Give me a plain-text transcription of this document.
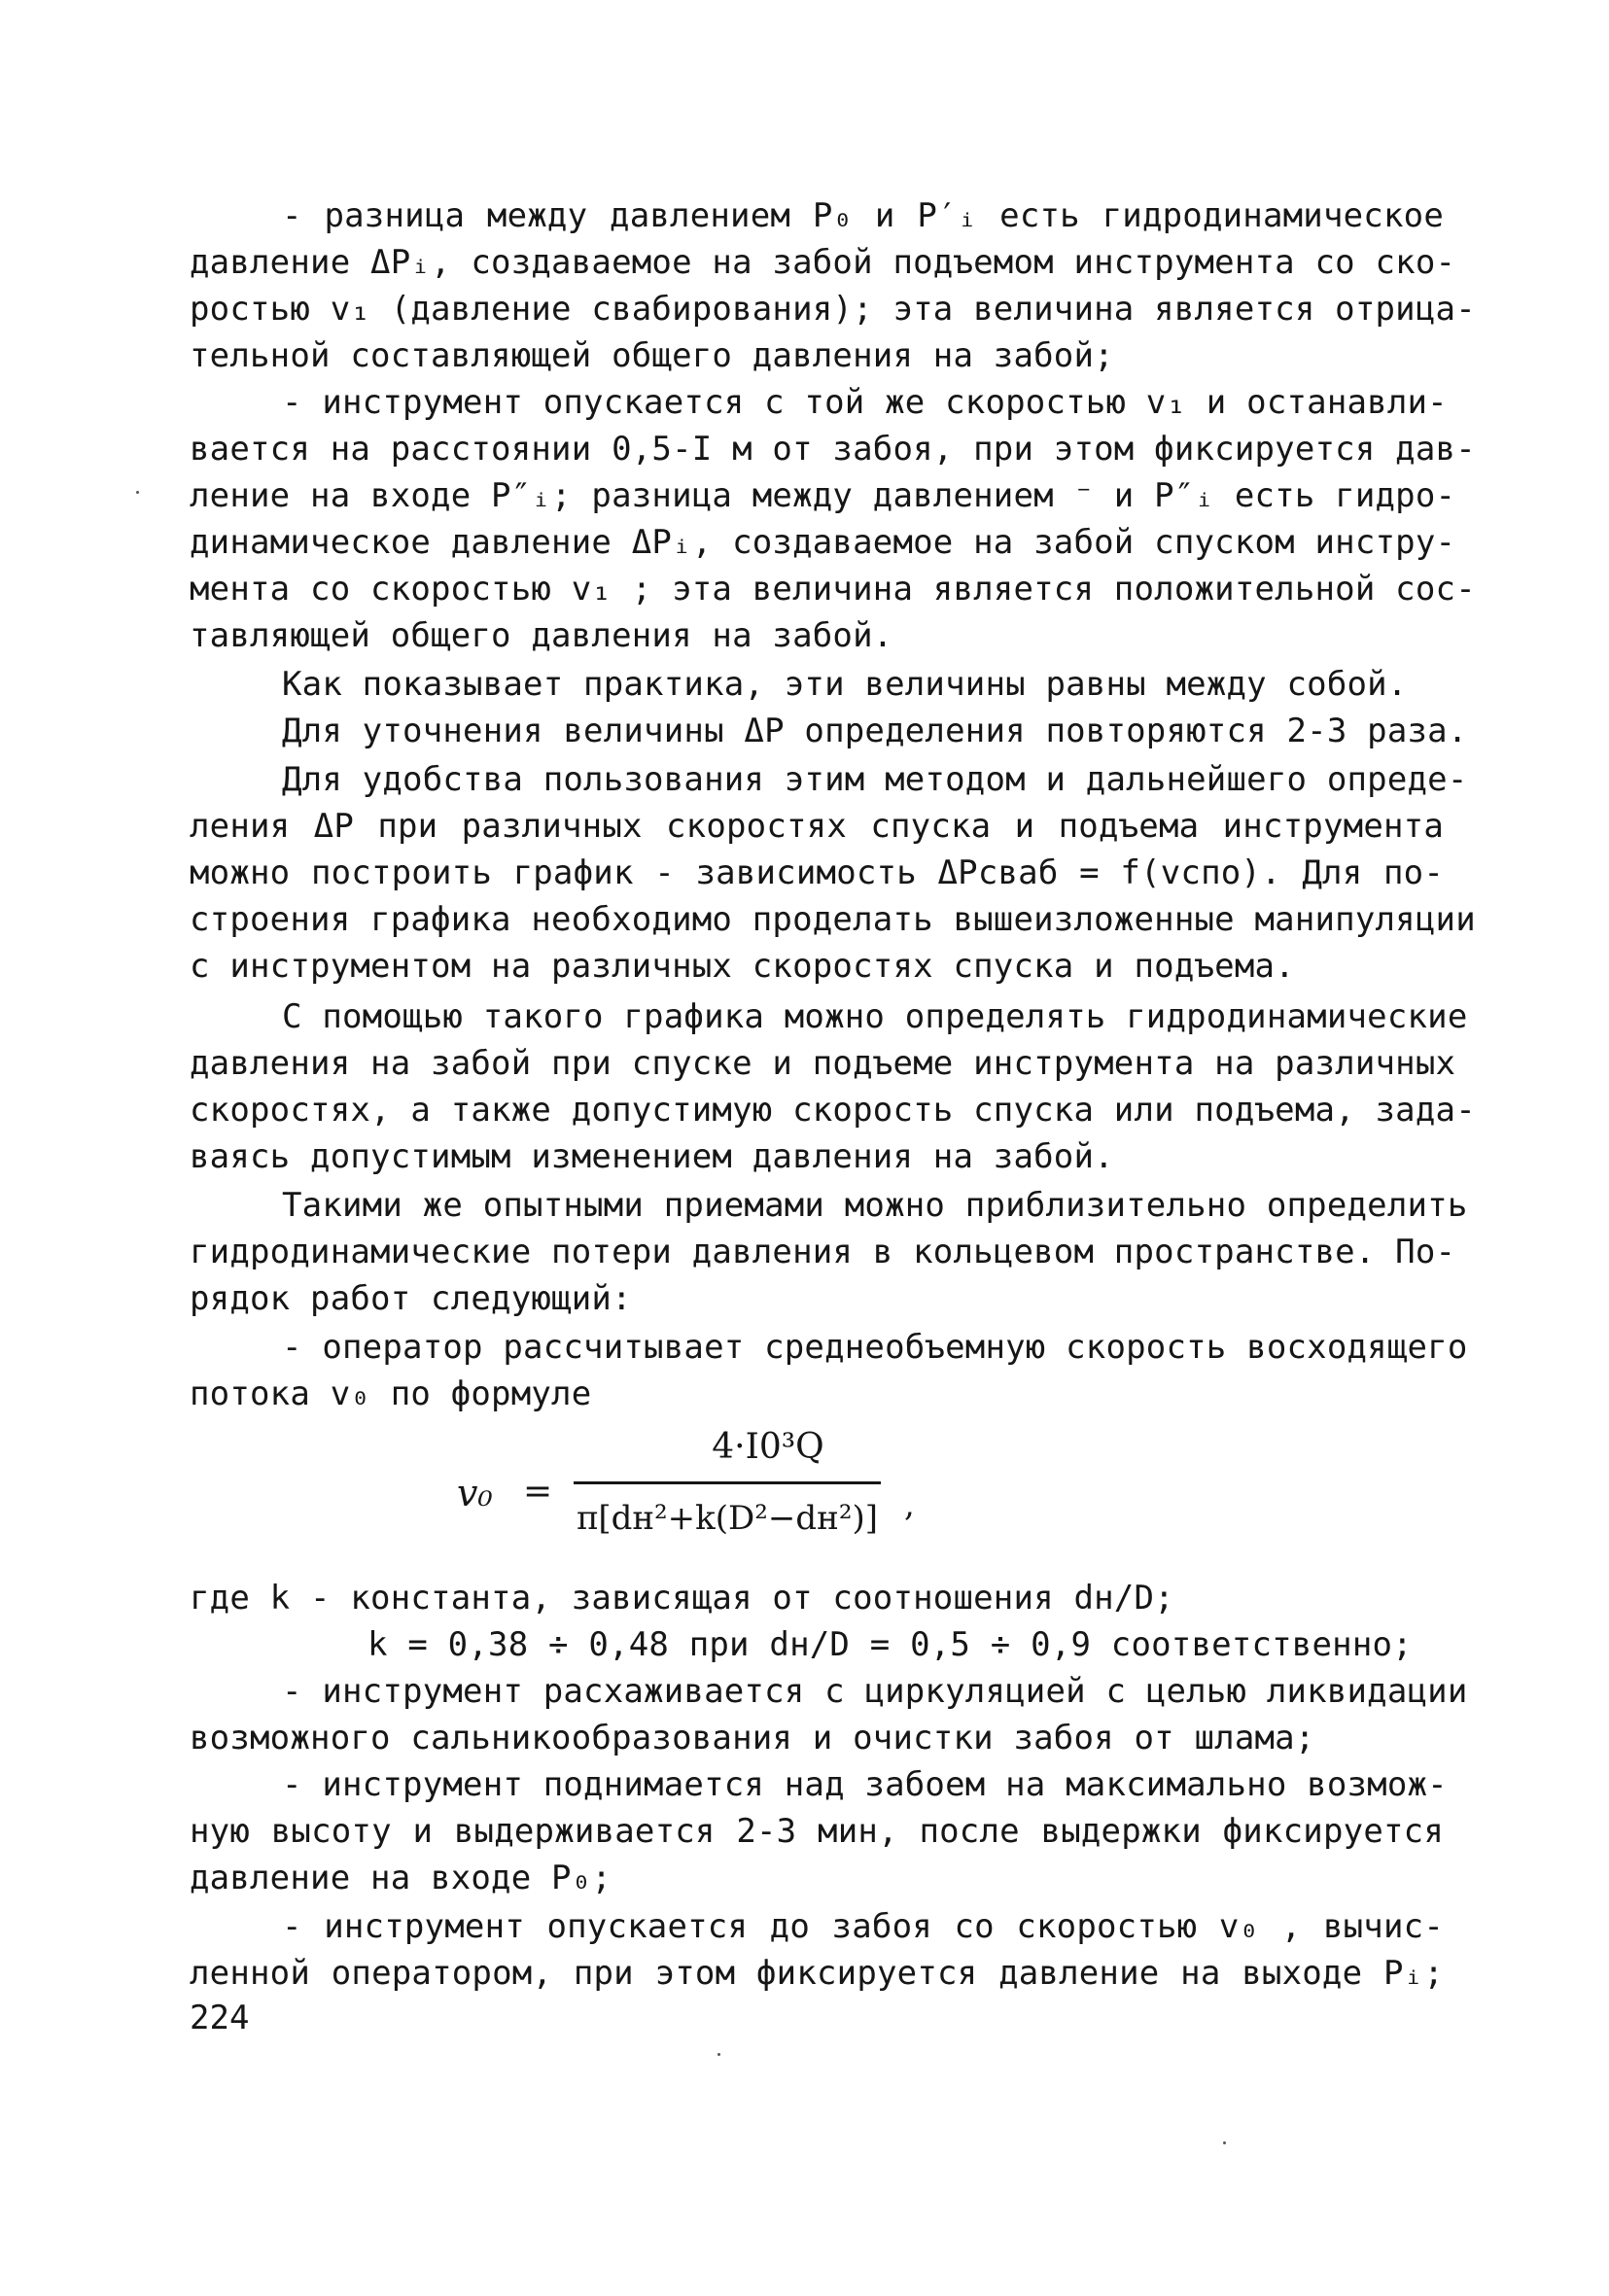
- разница между давлением P₀ и P′ᵢ есть гидродинамическое
давление ΔPᵢ, создаваемое на забой подъемом инструмента со ско-
ростью v₁ (давление свабирования); эта величина является отрица-
тельной составляющей общего давления на забой;
- инструмент опускается с той же скоростью v₁ и останавли-
вается на расстоянии 0,5-I м от забоя, при этом фиксируется дав-
ление на входе P″ᵢ; разница между давлением ⁻ и P″ᵢ есть гидро-
динамическое давление ΔPᵢ, создаваемое на забой спуском инстру-
мента со скоростью v₁ ; эта величина является положительной сос-
тавляющей общего давления на забой.
Как показывает практика, эти величины равны между собой.
Для уточнения величины ΔP определения повторяются 2-3 раза.
Для удобства пользования этим методом и дальнейшего опреде-
ления ΔP при различных скоростях спуска и подъема инструмента
можно построить график - зависимость ΔPсваб = f(vспо). Для по-
строения графика необходимо проделать вышеизложенные манипуляции
с инструментом на различных скоростях спуска и подъема.
С помощью такого графика можно определять гидродинамические
давления на забой при спуске и подъеме инструмента на различных
скоростях, а также допустимую скорость спуска или подъема, зада-
ваясь допустимым изменением давления на забой.
Такими же опытными приемами можно приблизительно определить
гидродинамические потери давления в кольцевом пространстве. По-
рядок работ следующий:
- оператор рассчитывает среднеобъемную скорость восходящего
потока v₀ по формуле
v₀ =
4·I0³Q
π[dн²+k(D²−dн²)] ,
где k - константа, зависящая от соотношения dн/D;
k = 0,38 ÷ 0,48 при dн/D = 0,5 ÷ 0,9 соответственно;
- инструмент расхаживается с циркуляцией с целью ликвидации
возможного сальникообразования и очистки забоя от шлама;
- инструмент поднимается над забоем на максимально возмож-
ную высоту и выдерживается 2-3 мин, после выдержки фиксируется
давление на входе P₀;
- инструмент опускается до забоя со скоростью v₀ , вычис-
ленной оператором, при этом фиксируется давление на выходе Pᵢ;
224
